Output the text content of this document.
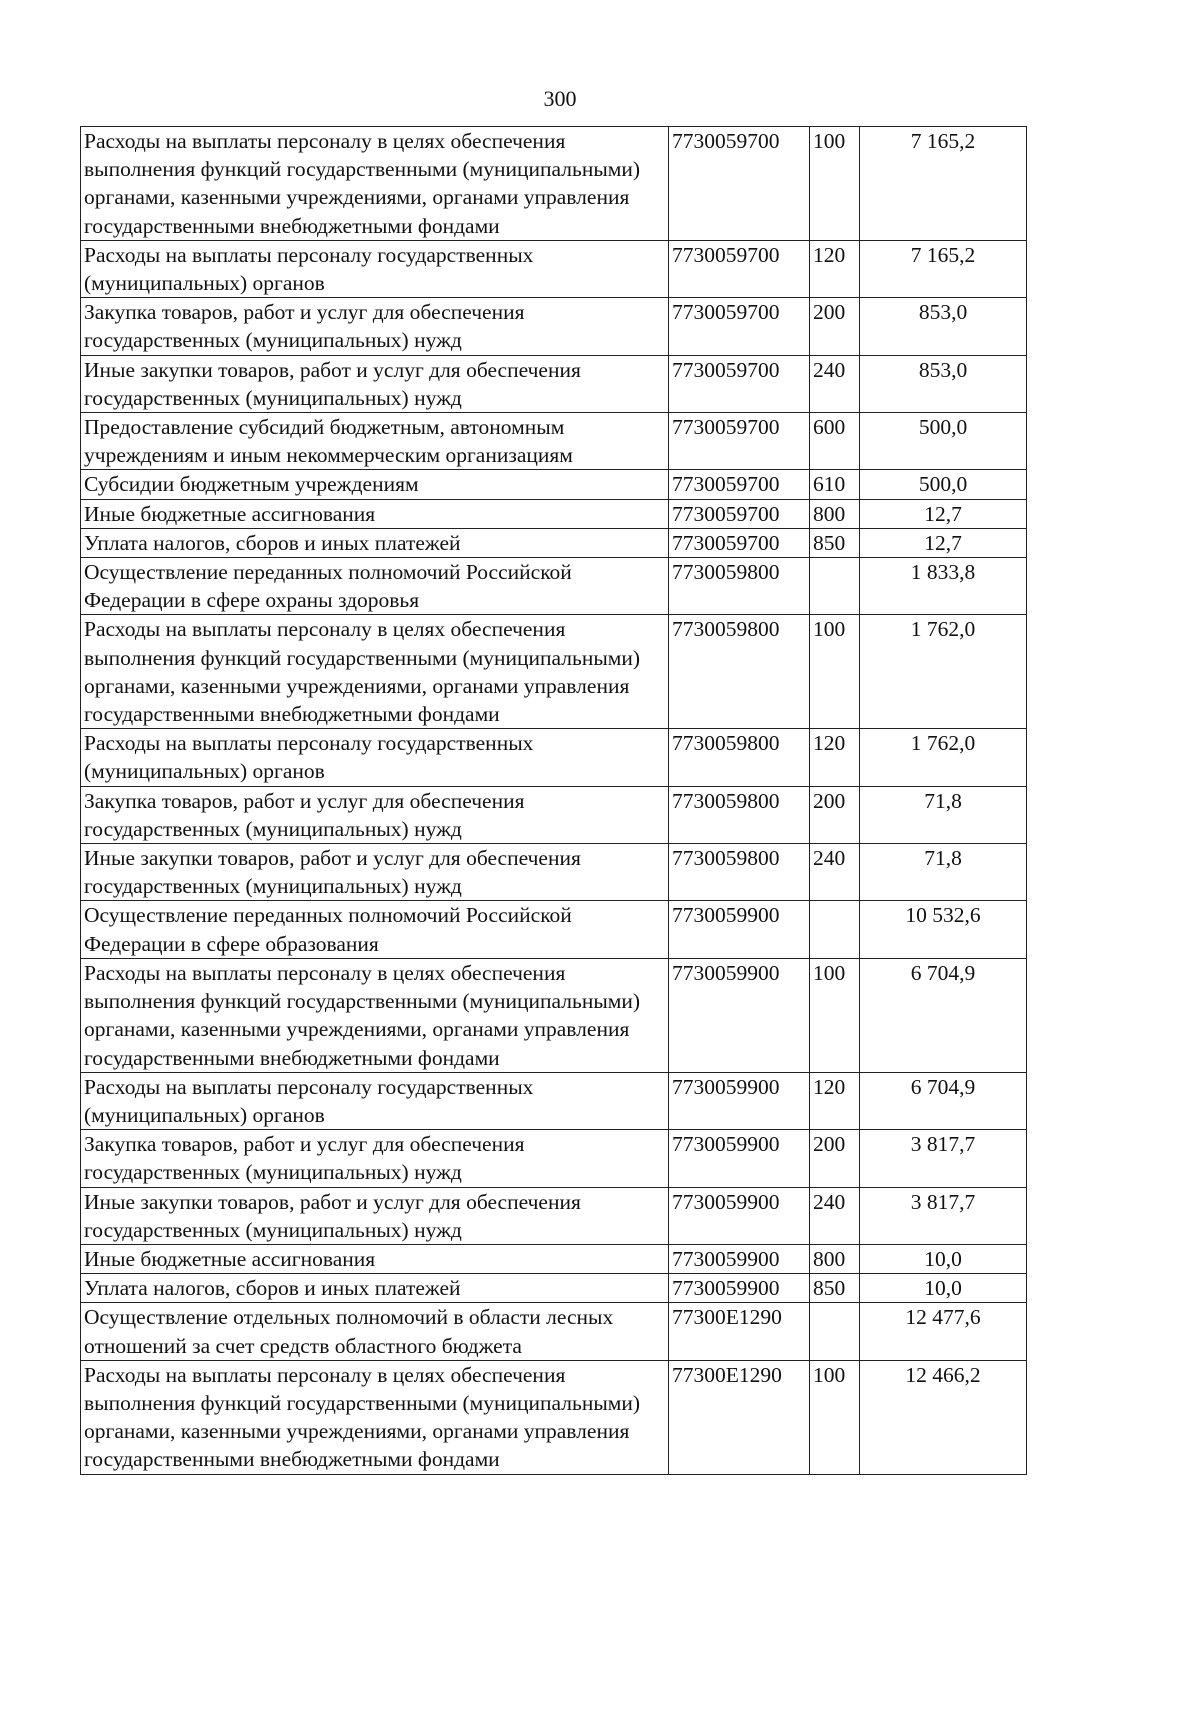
300
Расходы на выплаты персоналу в целях обеспечения выполнения функций государственными (муниципальными) органами, казенными учреждениями, органами управления государственными внебюджетными фондами	7730059700	100	7 165,2
Расходы на выплаты персоналу государственных (муниципальных) органов	7730059700	120	7 165,2
Закупка товаров, работ и услуг для обеспечения государственных (муниципальных) нужд	7730059700	200	853,0
Иные закупки товаров, работ и услуг для обеспечения государственных (муниципальных) нужд	7730059700	240	853,0
Предоставление субсидий бюджетным, автономным учреждениям и иным некоммерческим организациям	7730059700	600	500,0
Субсидии бюджетным учреждениям	7730059700	610	500,0
Иные бюджетные ассигнования	7730059700	800	12,7
Уплата налогов, сборов и иных платежей	7730059700	850	12,7
Осуществление переданных полномочий Российской Федерации в сфере охраны здоровья	7730059800		1 833,8
Расходы на выплаты персоналу в целях обеспечения выполнения функций государственными (муниципальными) органами, казенными учреждениями, органами управления государственными внебюджетными фондами	7730059800	100	1 762,0
Расходы на выплаты персоналу государственных (муниципальных) органов	7730059800	120	1 762,0
Закупка товаров, работ и услуг для обеспечения государственных (муниципальных) нужд	7730059800	200	71,8
Иные закупки товаров, работ и услуг для обеспечения государственных (муниципальных) нужд	7730059800	240	71,8
Осуществление переданных полномочий Российской Федерации в сфере образования	7730059900		10 532,6
Расходы на выплаты персоналу в целях обеспечения выполнения функций государственными (муниципальными) органами, казенными учреждениями, органами управления государственными внебюджетными фондами	7730059900	100	6 704,9
Расходы на выплаты персоналу государственных (муниципальных) органов	7730059900	120	6 704,9
Закупка товаров, работ и услуг для обеспечения государственных (муниципальных) нужд	7730059900	200	3 817,7
Иные закупки товаров, работ и услуг для обеспечения государственных (муниципальных) нужд	7730059900	240	3 817,7
Иные бюджетные ассигнования	7730059900	800	10,0
Уплата налогов, сборов и иных платежей	7730059900	850	10,0
Осуществление отдельных полномочий в области лесных отношений за счет средств областного бюджета	77300Е1290		12 477,6
Расходы на выплаты персоналу в целях обеспечения выполнения функций государственными (муниципальными) органами, казенными учреждениями, органами управления государственными внебюджетными фондами	77300Е1290	100	12 466,2
